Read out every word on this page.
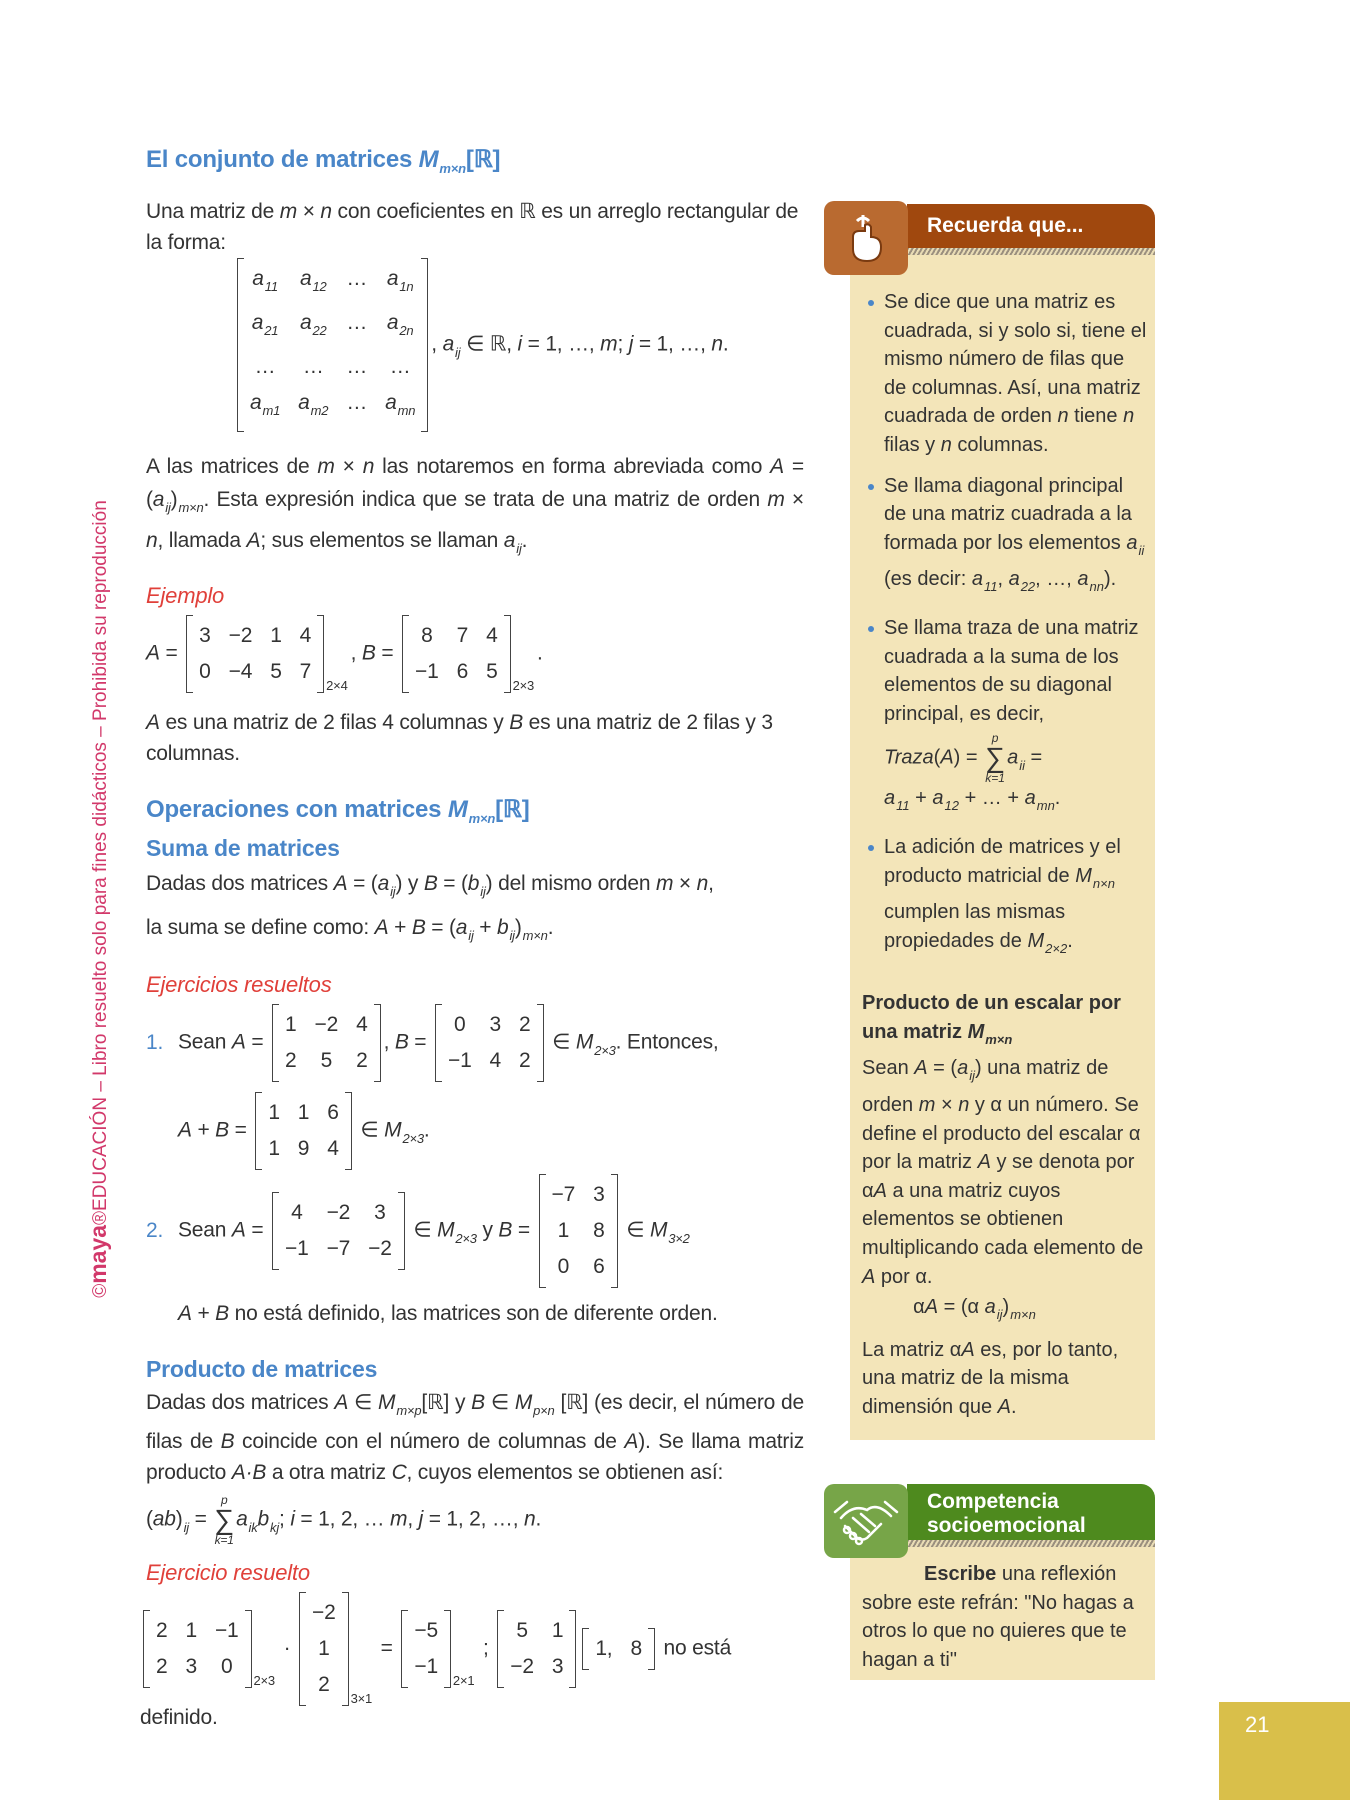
©maya®EDUCACIÓN – Libro resuelto solo para fines didácticos – Prohibida su reproducción
El conjunto de matrices $M_{m\times n}[ℝ]$
Una matriz de m × n con coeficientes en ℝ es un arreglo rectangular de la forma:
$a_{11}$ $a_{12}$ … $a_{1n}$
$a_{21}$ $a_{22}$ … $a_{2n}$
… … … …
$a_{m1}$ $a_{m2}$ … $a_{mn}$
, $a_{ij}$ ∈ ℝ, i = 1, …, m; j = 1, …, n.
A las matrices de m × n las notaremos en forma abreviada como $A = (a_{ij})_{m\times n}$. Esta expresión indica que se trata de una matriz de orden m × n, llamada A; sus elementos se llaman $a_{ij}$.
Ejemplo
A =
3 −2 1 4
0 −4 5 7
2×4
, B =
8 7 4
−1 6 5
2×3
.
A es una matriz de 2 filas 4 columnas y B es una matriz de 2 filas y 3 columnas.
Operaciones con matrices $M_{m\times n}[ℝ]$
Suma de matrices
Dadas dos matrices $A = (a_{ij})$ y $B = (b_{ij})$ del mismo orden m × n,
la suma se define como: $A + B = (a_{ij} + b_{ij})_{m\times n}$.
Ejercicios resueltos
1. Sean A =
1 −2 4
2 5 2
, B =
0 3 2
−1 4 2
∈ $M_{2\times 3}$. Entonces,
A + B =
1 1 6
1 9 4
∈ $M_{2\times 3}$.
2. Sean A =
4 −2 3
−1 −7 −2
∈ $M_{2\times 3}$ y B =
−7 3
1 8
0 6
∈ $M_{3\times 2}$
A + B no está definido, las matrices son de diferente orden.
Producto de matrices
Dadas dos matrices A ∈ $M_{m\times p}[ℝ]$ y B ∈ $M_{p\times n}$ [ℝ] (es decir, el número de filas de B coincide con el número de columnas de A). Se llama matriz producto A·B a otra matriz C, cuyos elementos se obtienen así:
$(ab)_{ij}$ =
p
∑
k=1
$a_{ik}b_{kj}$; i = 1, 2, … m, j = 1, 2, …, n.
Ejercicio resuelto
2 1 −1
2 3 0
2×3
·
−2
1
2
3×1
=
−5
−1
2×1
;
5 1
−2 3
1, 8 no está definido.
Se dice que una matriz es cuadrada, si y solo si, tiene el mismo número de filas que de columnas. Así, una matriz cuadrada de orden n tiene n filas y n columnas.
Se llama diagonal principal de una matriz cuadrada a la formada por los elementos $a_{ii}$ (es decir: $a_{11}$, $a_{22}$, …, $a_{nn}$).
Se llama traza de una matriz cuadrada a la suma de los elementos de su diagonal principal, es decir,
Traza(A) =
p
∑
k=1
$a_{ii}$ =
$a_{11} + a_{12}$ + … + $a_{mn}$.
La adición de matrices y el producto matricial de $M_{n\times n}$ cumplen las mismas propiedades de $M_{2\times 2}$.
Producto de un escalar por una matriz $M_{m\times n}$
Sean $A = (a_{ij})$ una matriz de orden m × n y α un número. Se define el producto del escalar α por la matriz A y se denota por αA a una matriz cuyos elementos se obtienen multiplicando cada elemento de A por α.
αA = (α $a_{ij})_{m\times n}$
La matriz αA es, por lo tanto, una matriz de la misma dimensión que A.
Recuerda que...
Competencia
socioemocional
Escribe una reflexión sobre este refrán: "No hagas a otros lo que no quieres que te hagan a ti"
21
